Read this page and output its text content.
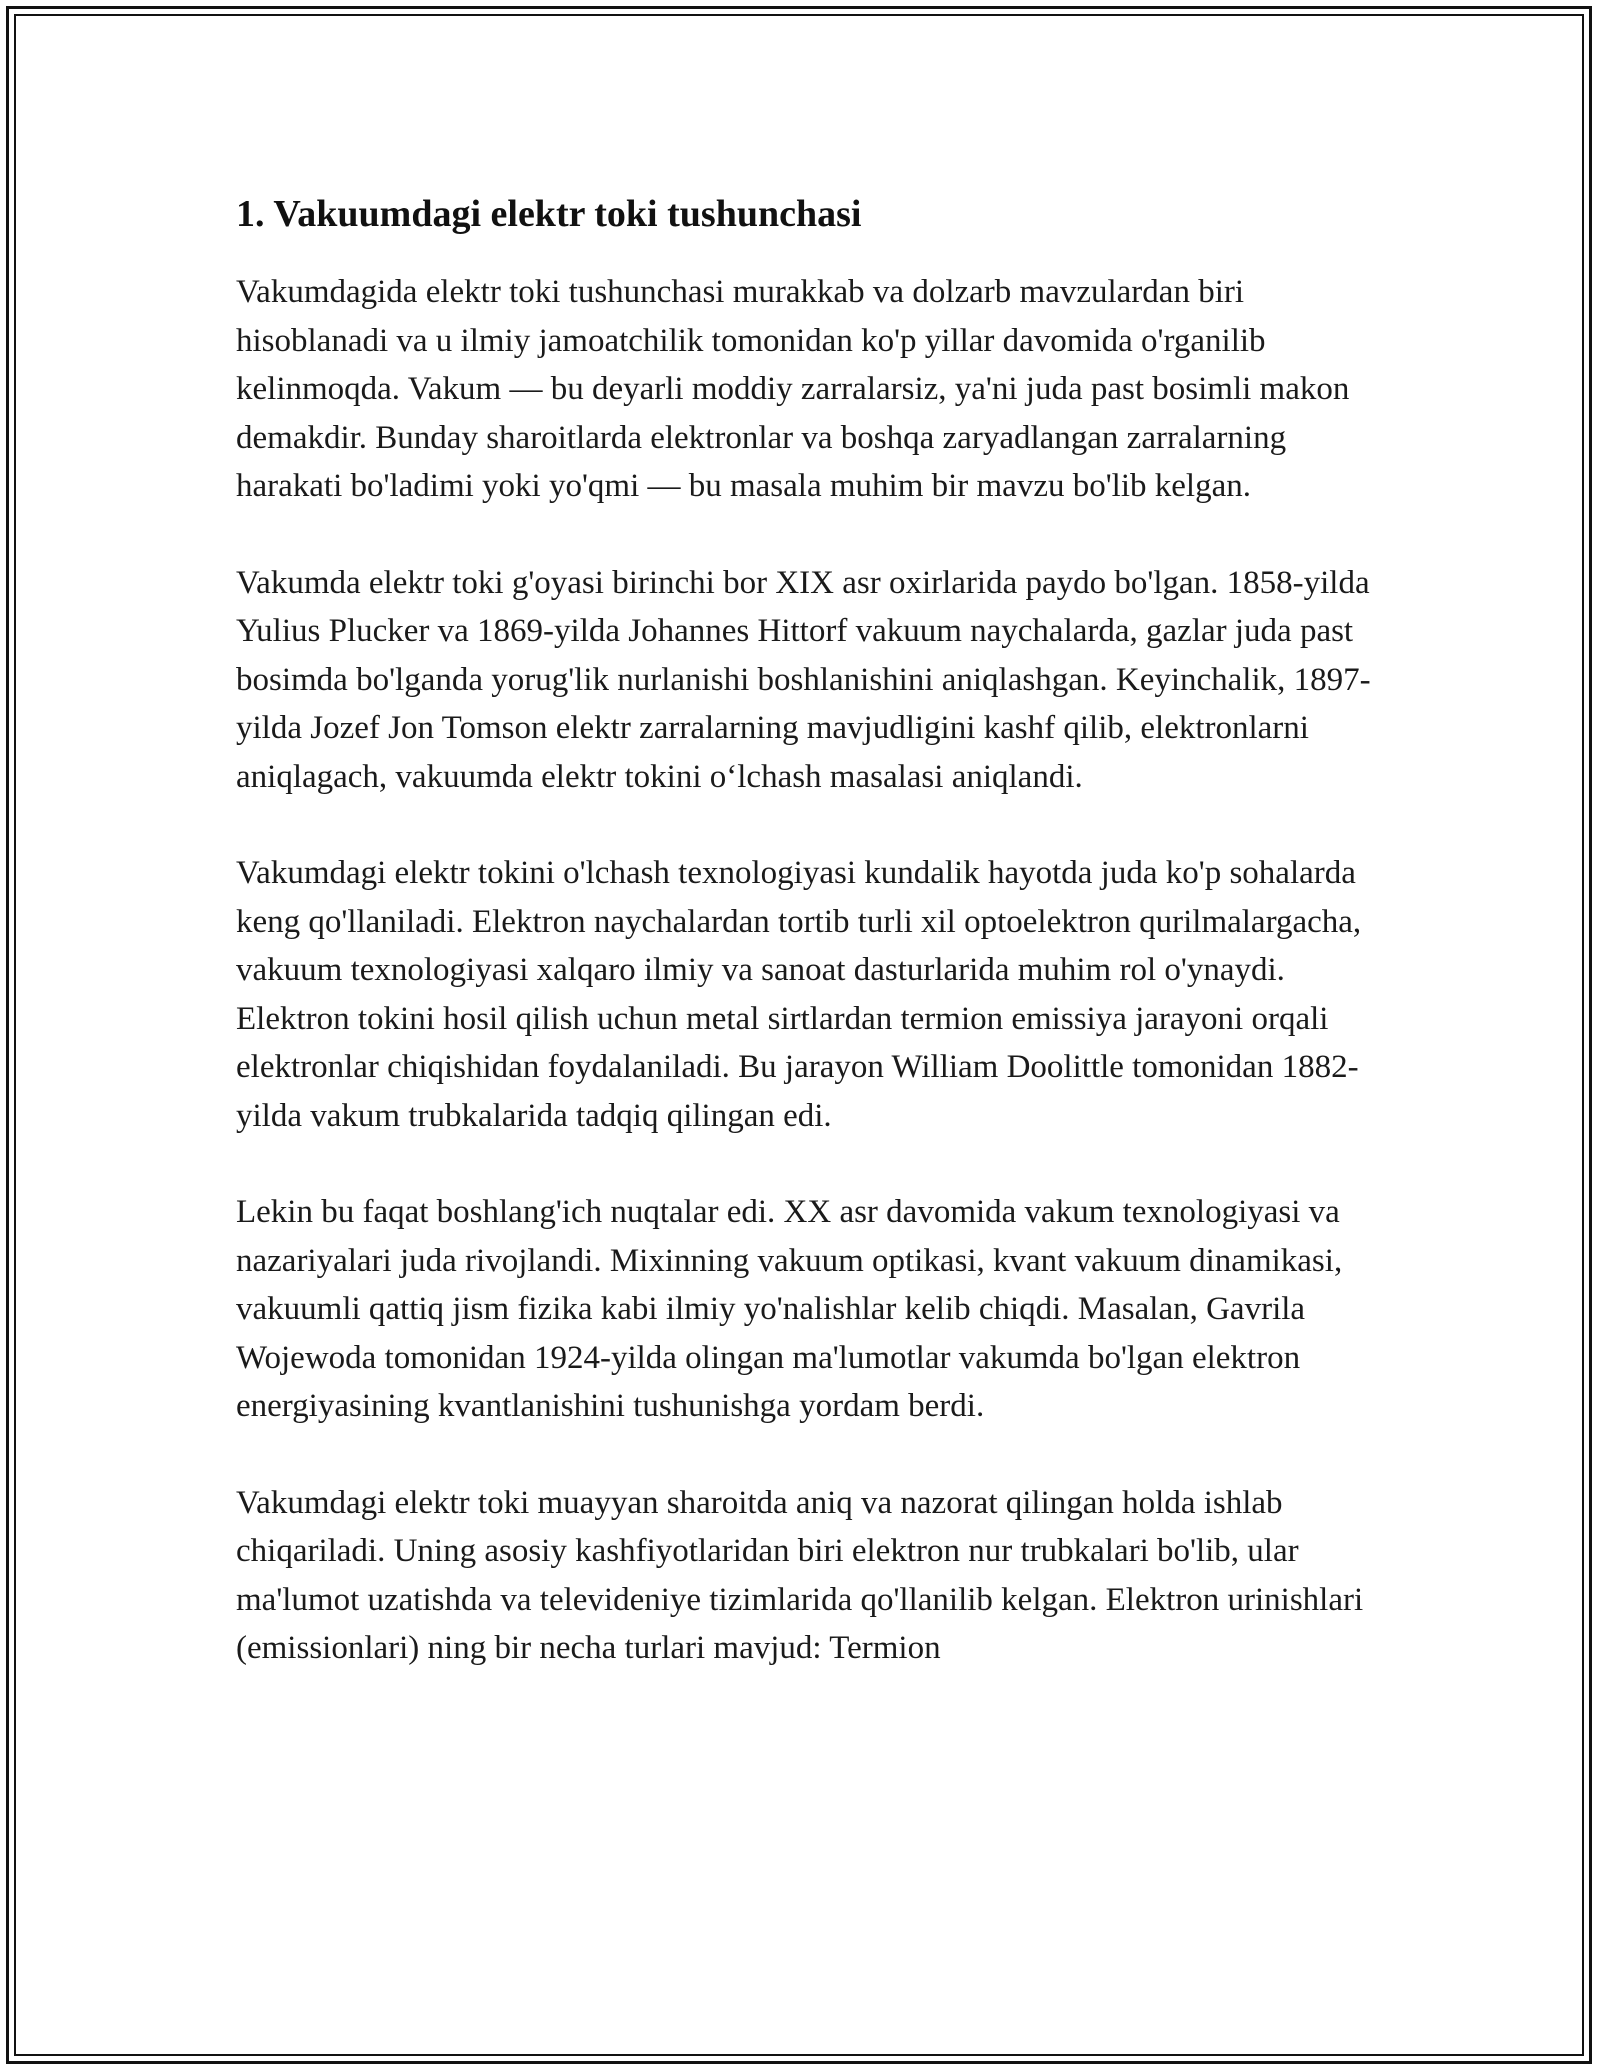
1. Vakuumdagi elektr toki tushunchasi

Vakumdagida elektr toki tushunchasi murakkab va dolzarb mavzulardan biri hisoblanadi va u ilmiy jamoatchilik tomonidan ko'p yillar davomida o'rganilib kelinmoqda. Vakum — bu deyarli moddiy zarralarsiz, ya'ni juda past bosimli makon demakdir. Bunday sharoitlarda elektronlar va boshqa zaryadlangan zarralarning harakati bo'ladimi yoki yo'qmi — bu masala muhim bir mavzu bo'lib kelgan.

Vakumda elektr toki g'oyasi birinchi bor XIX asr oxirlarida paydo bo'lgan. 1858-yilda Yulius Plucker va 1869-yilda Johannes Hittorf vakuum naychalarda, gazlar juda past bosimda bo'lganda yorug'lik nurlanishi boshlanishini aniqlashgan. Keyinchalik, 1897-yilda Jozef Jon Tomson elektr zarralarning mavjudligini kashf qilib, elektronlarni aniqlagach, vakuumda elektr tokini o‘lchash masalasi aniqlandi.

Vakumdagi elektr tokini o'lchash texnologiyasi kundalik hayotda juda ko'p sohalarda keng qo'llaniladi. Elektron naychalardan tortib turli xil optoelektron qurilmalargacha, vakuum texnologiyasi xalqaro ilmiy va sanoat dasturlarida muhim rol o'ynaydi. Elektron tokini hosil qilish uchun metal sirtlardan termion emissiya jarayoni orqali elektronlar chiqishidan foydalaniladi. Bu jarayon William Doolittle tomonidan 1882-yilda vakum trubkalarida tadqiq qilingan edi.

Lekin bu faqat boshlang'ich nuqtalar edi. XX asr davomida vakum texnologiyasi va nazariyalari juda rivojlandi. Mixinning vakuum optikasi, kvant vakuum dinamikasi, vakuumli qattiq jism fizika kabi ilmiy yo'nalishlar kelib chiqdi. Masalan, Gavrila Wojewoda tomonidan 1924-yilda olingan ma'lumotlar vakumda bo'lgan elektron energiyasining kvantlanishini tushunishga yordam berdi.

Vakumdagi elektr toki muayyan sharoitda aniq va nazorat qilingan holda ishlab chiqariladi. Uning asosiy kashfiyotlaridan biri elektron nur trubkalari bo'lib, ular ma'lumot uzatishda va televideniye tizimlarida qo'llanilib kelgan. Elektron urinishlari (emissionlari) ning bir necha turlari mavjud: Termion
